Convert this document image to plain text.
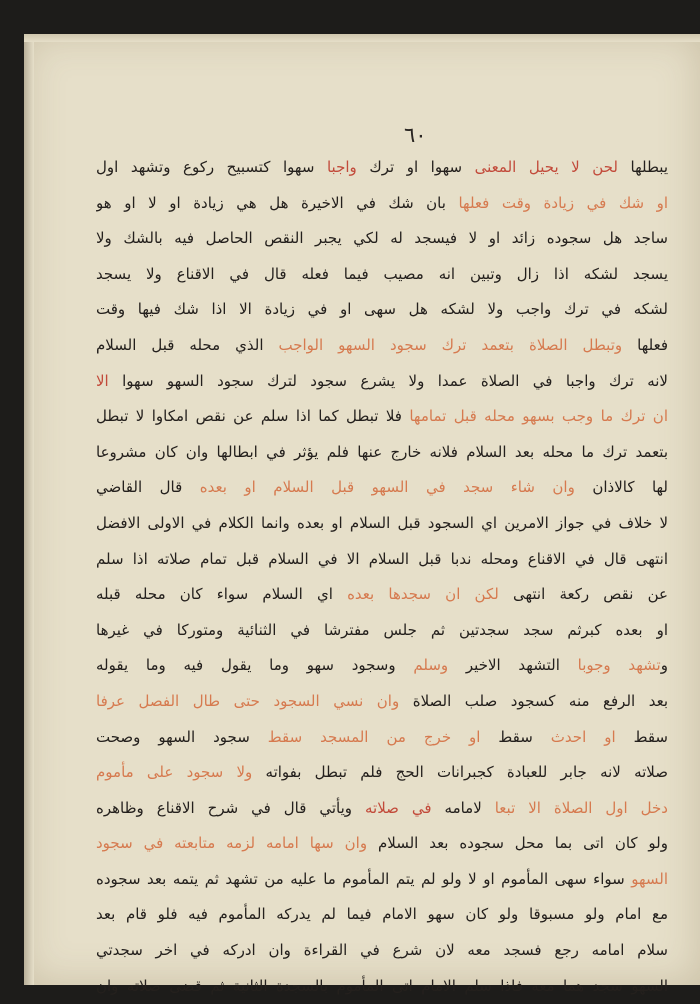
٦٠
يبطلها لحن لا يحيل المعنى سهوا او ترك واجبا سهوا كتسبيح ركوع وتشهد اول
او شك في زيادة وقت فعلها بان شك في الاخيرة هل هي زيادة او لا او هو
ساجد هل سجوده زائد او لا فيسجد له لكي يجبر النقص الحاصل فيه بالشك ولا
يسجد لشكه اذا زال وتبين انه مصيب فيما فعله قال في الاقناع ولا يسجد
لشكه في ترك واجب ولا لشكه هل سهى او في زيادة الا اذا شك فيها وقت
فعلها وتبطل الصلاة بتعمد ترك سجود السهو الواجب الذي محله قبل السلام
لانه ترك واجبا في الصلاة عمدا ولا يشرع سجود لترك سجود السهو سهوا الا
ان ترك ما وجب بسهو محله قبل تمامها فلا تبطل كما اذا سلم عن نقص امكاوا لا تبطل
بتعمد ترك ما محله بعد السلام فلانه خارج عنها فلم يؤثر في ابطالها وان كان مشروعا
لها كالاذان وان شاء سجد في السهو قبل السلام او بعده قال القاضي
لا خلاف في جواز الامرين اي السجود قبل السلام او بعده وانما الكلام في الاولى الافضل
انتهى قال في الاقناع ومحله ندبا قبل السلام الا في السلام قبل تمام صلاته اذا سلم
عن نقص ركعة انتهى لكن ان سجدها بعده اي السلام سواء كان محله قبله
او بعده كبرثم سجد سجدتين ثم جلس مفترشا في الثنائية ومتوركا في غيرها
وتشهد وجوبا التشهد الاخير وسلم وسجود سهو وما يقول فيه وما يقوله
بعد الرفع منه كسجود صلب الصلاة وان نسي السجود حتى طال الفصل عرفا
سقط او احدث سقط او خرج من المسجد سقط سجود السهو وصحت
صلاته لانه جابر للعبادة كجبرانات الحج فلم تبطل بفواته ولا سجود على مأموم
دخل اول الصلاة الا تبعا لامامه في صلاته ويأتي قال في شرح الاقناع وظاهره
ولو كان اتى بما محل سجوده بعد السلام وان سها امامه لزمه متابعته في سجود
السهو سواء سهى المأموم او لا ولو لم يتم المأموم ما عليه من تشهد ثم يتمه بعد سجوده
مع امام ولو مسبوقا ولو كان سهو الامام فيما لم يدركه المأموم فيه فلو قام بعد
سلام امامه رجع فسجد معه لان شرع في القراءة وان ادركه في اخر سجدتي
السهو سجد هما معه فاذا سلم الامام اتى المأموم بالسجدة الثانية ثم قضى صلاته وان
